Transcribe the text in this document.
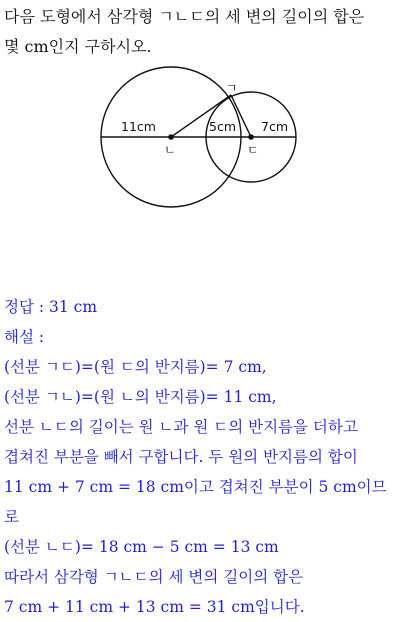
다음 도형에서 삼각형 ㄱㄴㄷ의 세 변의 길이의 합은
몇 cm인지 구하시오.
11cm	5cm 7cm
ㄴ	ㄷ
ㄱ
정답 : 31 cm
해설 :
(선분 ㄱㄷ)=(원 ㄷ의 반지름)= 7 cm,
(선분 ㄱㄴ)=(원 ㄴ의 반지름)= 11 cm,
선분 ㄴㄷ의 길이는 원 ㄴ과 원 ㄷ의 반지름을 더하고
겹쳐진 부분을 빼서 구합니다. 두 원의 반지름의 합이
11 cm + 7 cm = 18 cm이고 겹쳐진 부분이 5 cm이므
로
(선분 ㄴㄷ)= 18 cm − 5 cm = 13 cm
따라서 삼각형 ㄱㄴㄷ의 세 변의 길이의 합은
7 cm + 11 cm + 13 cm = 31 cm입니다.
